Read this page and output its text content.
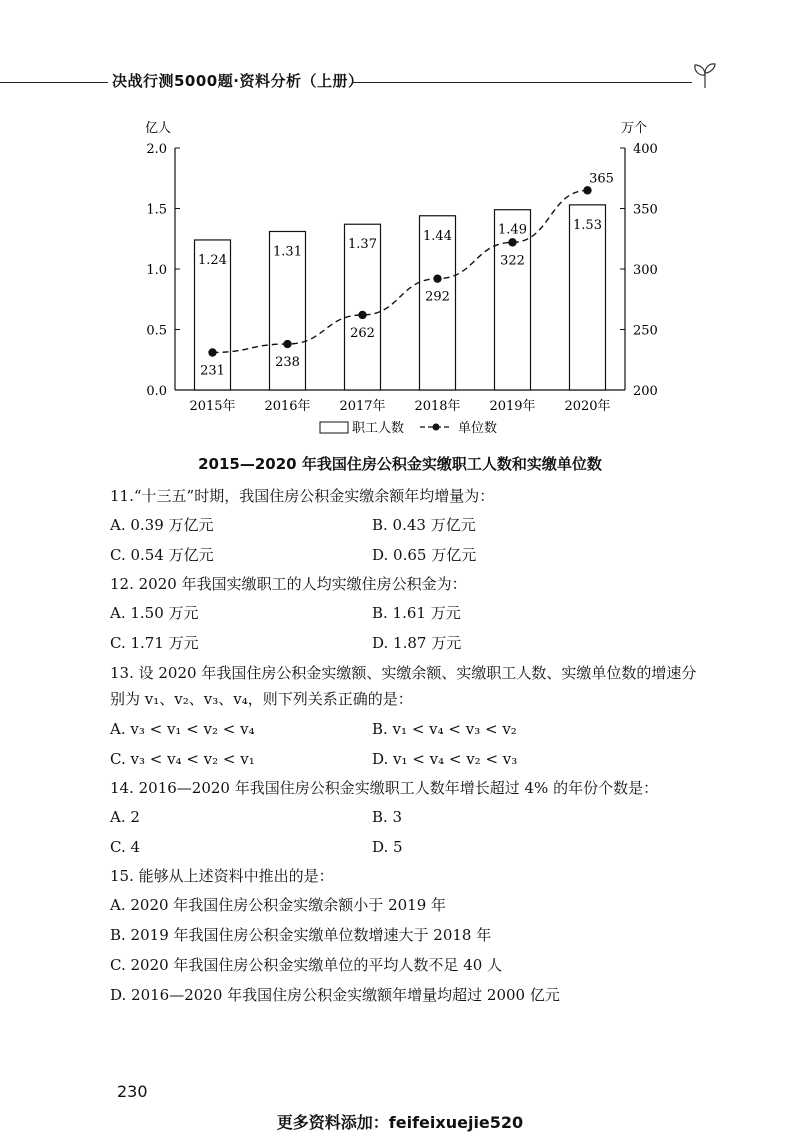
决战行测5000题·资料分析（上册）
亿人	万个
0.0
0.5
1.0
1.5
2.0
200
250
300
350
400
1.24
1.31	1.37
1.44	1.49	1.53
2015年 2016年 2017年 2018年 2019年 2020年
231
238
262
292
322
365
职工人数	单位数
2015—2020 年我国住房公积金实缴职工人数和实缴单位数
11.“十三五”时期，我国住房公积金实缴余额年均增量为：
A. 0.39 万亿元	B. 0.43 万亿元
C. 0.54 万亿元	D. 0.65 万亿元
12. 2020 年我国实缴职工的人均实缴住房公积金为：
A. 1.50 万元	B. 1.61 万元
C. 1.71 万元	D. 1.87 万元
13. 设 2020 年我国住房公积金实缴额、实缴余额、实缴职工人数、实缴单位数的增速分别为 v₁、v₂、v₃、v₄，则下列关系正确的是：
A. v₃ < v₁ < v₂ < v₄	B. v₁ < v₄ < v₃ < v₂
C. v₃ < v₄ < v₂ < v₁	D. v₁ < v₄ < v₂ < v₃
14. 2016—2020 年我国住房公积金实缴职工人数年增长超过 4% 的年份个数是：
A. 2	B. 3
C. 4	D. 5
15. 能够从上述资料中推出的是：
A. 2020 年我国住房公积金实缴余额小于 2019 年
B. 2019 年我国住房公积金实缴单位数增速大于 2018 年
C. 2020 年我国住房公积金实缴单位的平均人数不足 40 人
D. 2016—2020 年我国住房公积金实缴额年增量均超过 2000 亿元
230
更多资料添加：feifeixuejie520
